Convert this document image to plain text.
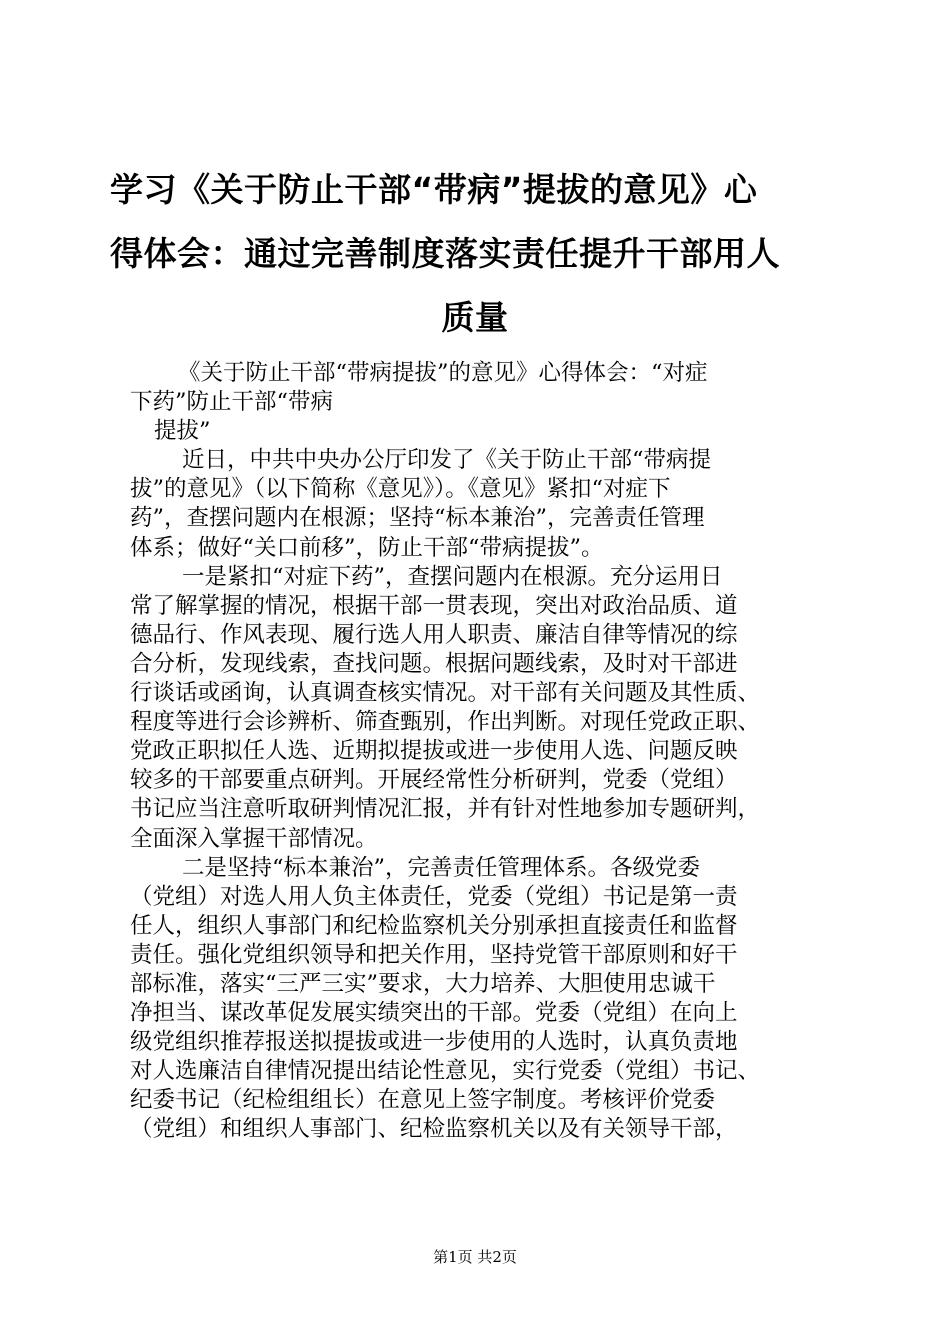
学习《关于防止干部“带病”提拔的意见》心
得体会：通过完善制度落实责任提升干部用人
质量
《关于防止干部“带病提拔”的意见》心得体会：“对症
下药”防止干部“带病
提拔”
近日，中共中央办公厅印发了《关于防止干部“带病提
拔”的意见》（以下简称《意见》）。《意见》紧扣“对症下
药”，查摆问题内在根源；坚持“标本兼治”，完善责任管理
体系；做好“关口前移”，防止干部“带病提拔”。
一是紧扣“对症下药”，查摆问题内在根源。充分运用日
常了解掌握的情况，根据干部一贯表现，突出对政治品质、道
德品行、作风表现、履行选人用人职责、廉洁自律等情况的综
合分析，发现线索，查找问题。根据问题线索，及时对干部进
行谈话或函询，认真调查核实情况。对干部有关问题及其性质、
程度等进行会诊辨析、筛查甄别，作出判断。对现任党政正职、
党政正职拟任人选、近期拟提拔或进一步使用人选、问题反映
较多的干部要重点研判。开展经常性分析研判，党委（党组）
书记应当注意听取研判情况汇报，并有针对性地参加专题研判，
全面深入掌握干部情况。
二是坚持“标本兼治”，完善责任管理体系。各级党委
（党组）对选人用人负主体责任，党委（党组）书记是第一责
任人，组织人事部门和纪检监察机关分别承担直接责任和监督
责任。强化党组织领导和把关作用，坚持党管干部原则和好干
部标准，落实“三严三实”要求，大力培养、大胆使用忠诚干
净担当、谋改革促发展实绩突出的干部。党委（党组）在向上
级党组织推荐报送拟提拔或进一步使用的人选时，认真负责地
对人选廉洁自律情况提出结论性意见，实行党委（党组）书记、
纪委书记（纪检组组长）在意见上签字制度。考核评价党委
（党组）和组织人事部门、纪检监察机关以及有关领导干部，
第1页 共2页
